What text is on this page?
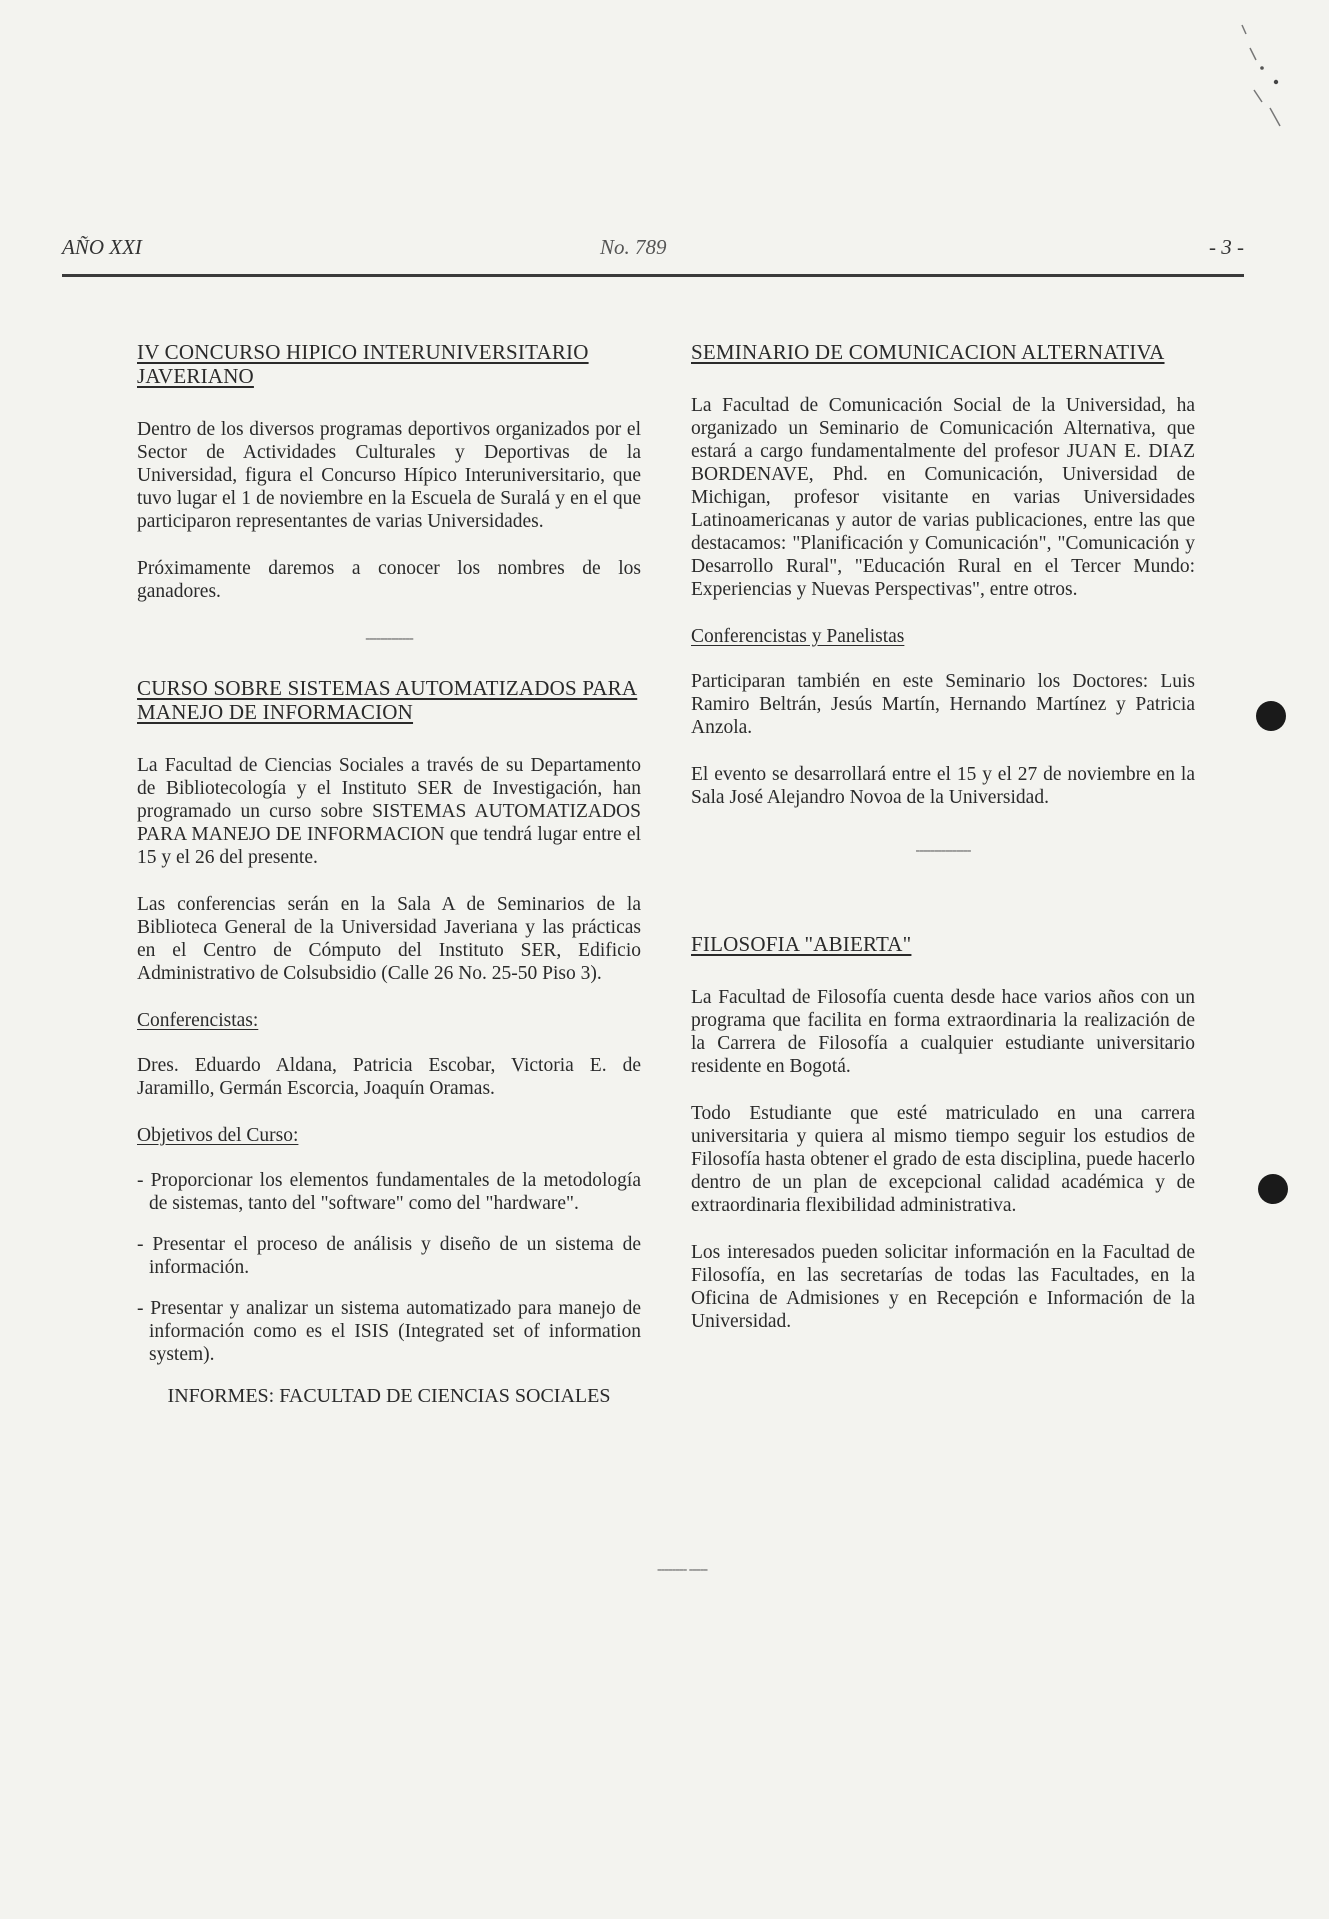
AÑO XXI	No. 789	- 3 -
IV CONCURSO HIPICO INTERUNIVERSITARIO JAVERIANO

Dentro de los diversos programas deportivos organizados por el Sector de Actividades Culturales y Deportivas de la Universidad, figura el Concurso Hípico Interuniversitario, que tuvo lugar el 1 de noviembre en la Escuela de Suralá y en el que participaron representantes de varias Universidades.

Próximamente daremos a conocer los nombres de los ganadores.

-------------
CURSO SOBRE SISTEMAS AUTOMATIZADOS PARA MANEJO DE INFORMACION

La Facultad de Ciencias Sociales a través de su Departamento de Bibliotecología y el Instituto SER de Investigación, han programado un curso sobre SISTEMAS AUTOMATIZADOS PARA MANEJO DE INFORMACION que tendrá lugar entre el 15 y el 26 del presente.

Las conferencias serán en la Sala A de Seminarios de la Biblioteca General de la Universidad Javeriana y las prácticas en el Centro de Cómputo del Instituto SER, Edificio Administrativo de Colsubsidio (Calle 26 No. 25-50 Piso 3).

Conferencistas:

Dres. Eduardo Aldana, Patricia Escobar, Victoria E. de Jaramillo, Germán Escorcia, Joaquín Oramas.

Objetivos del Curso:
- Proporcionar los elementos fundamentales de la metodología de sistemas, tanto del "software" como del "hardware".
- Presentar el proceso de análisis y diseño de un sistema de información.
- Presentar y analizar un sistema automatizado para manejo de información como es el ISIS (Integrated set of information system).
INFORMES: FACULTAD DE CIENCIAS SOCIALES
SEMINARIO DE COMUNICACION ALTERNATIVA

La Facultad de Comunicación Social de la Universidad, ha organizado un Seminario de Comunicación Alternativa, que estará a cargo fundamentalmente del profesor JUAN E. DIAZ BORDENAVE, Phd. en Comunicación, Universidad de Michigan, profesor visitante en varias Universidades Latinoamericanas y autor de varias publicaciones, entre las que destacamos: "Planificación y Comunicación", "Comunicación y Desarrollo Rural", "Educación Rural en el Tercer Mundo: Experiencias y Nuevas Perspectivas", entre otros.

Conferencistas y Panelistas

Participaran también en este Seminario los Doctores: Luis Ramiro Beltrán, Jesús Martín, Hernando Martínez y Patricia Anzola.

El evento se desarrollará entre el 15 y el 27 de noviembre en la Sala José Alejandro Novoa de la Universidad.

---------------
FILOSOFIA "ABIERTA"

La Facultad de Filosofía cuenta desde hace varios años con un programa que facilita en forma extraordinaria la realización de la Carrera de Filosofía a cualquier estudiante universitario residente en Bogotá.

Todo Estudiante que esté matriculado en una carrera universitaria y quiera al mismo tiempo seguir los estudios de Filosofía hasta obtener el grado de esta disciplina, puede hacerlo dentro de un plan de excepcional calidad académica y de extraordinaria flexibilidad administrativa.

Los interesados pueden solicitar información en la Facultad de Filosofía, en las secretarías de todas las Facultades, en la Oficina de Admisiones y en Recepción e Información de la Universidad.

-------- -----
